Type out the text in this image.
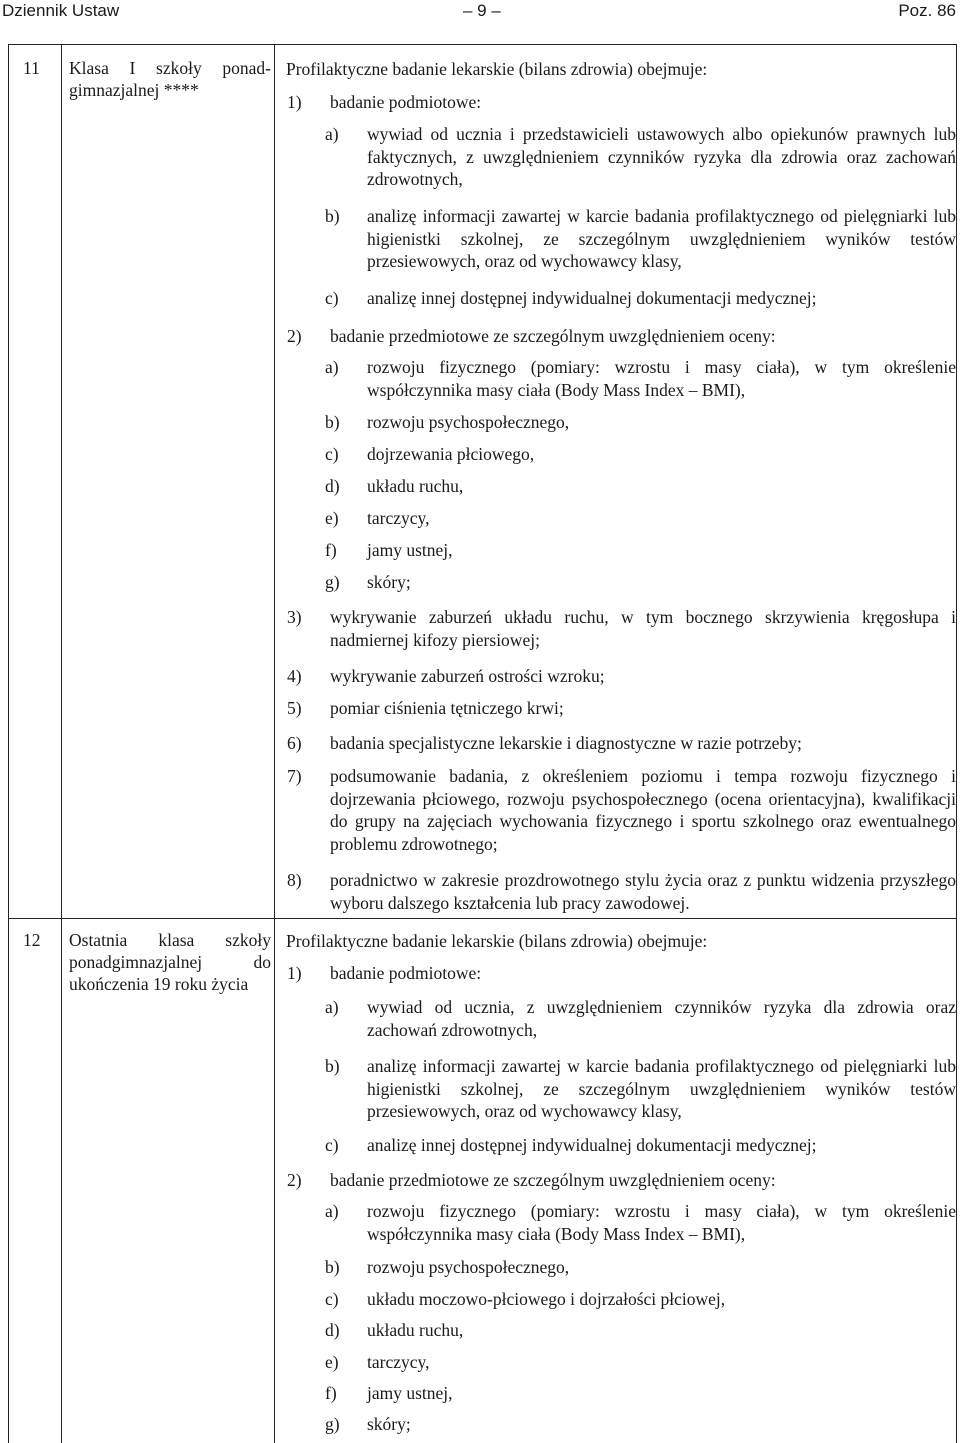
Dziennik Ustaw	– 9 –	Poz. 86
11 Klasa I szkoły ponad-
gimnazjalnej ****
Profilaktyczne badanie lekarskie (bilans zdrowia) obejmuje:
1) badanie podmiotowe:
a) wywiad od ucznia i przedstawicieli ustawowych albo opiekunów prawnych lub faktycznych, z uwzględnieniem czynników ryzyka dla zdrowia oraz zachowań zdrowotnych,
b) analizę informacji zawartej w karcie badania profilaktycznego od pielęgniarki lub higienistki szkolnej, ze szczególnym uwzględnieniem wyników testów przesiewowych, oraz od wychowawcy klasy,
c) analizę innej dostępnej indywidualnej dokumentacji medycznej;
2) badanie przedmiotowe ze szczególnym uwzględnieniem oceny:
a) rozwoju fizycznego (pomiary: wzrostu i masy ciała), w tym określenie współczynnika masy ciała (Body Mass Index – BMI),
b) rozwoju psychospołecznego,
c) dojrzewania płciowego,
d) układu ruchu,
e) tarczycy,
f) jamy ustnej,
g) skóry;
3) wykrywanie zaburzeń układu ruchu, w tym bocznego skrzywienia kręgosłupa i nadmiernej kifozy piersiowej;
4) wykrywanie zaburzeń ostrości wzroku;
5) pomiar ciśnienia tętniczego krwi;
6) badania specjalistyczne lekarskie i diagnostyczne w razie potrzeby;
7) podsumowanie badania, z określeniem poziomu i tempa rozwoju fizycznego i dojrzewania płciowego, rozwoju psychospołecznego (ocena orientacyjna), kwalifikacji do grupy na zajęciach wychowania fizycznego i sportu szkolnego oraz ewentualnego problemu zdrowotnego;
8) poradnictwo w zakresie prozdrowotnego stylu życia oraz z punktu widzenia przyszłego wyboru dalszego kształcenia lub pracy zawodowej.
12 Ostatnia klasa szkoły
ponadgimnazjalnej do
ukończenia 19 roku życia
Profilaktyczne badanie lekarskie (bilans zdrowia) obejmuje:
1) badanie podmiotowe:
a) wywiad od ucznia, z uwzględnieniem czynników ryzyka dla zdrowia oraz zachowań zdrowotnych,
b) analizę informacji zawartej w karcie badania profilaktycznego od pielęgniarki lub higienistki szkolnej, ze szczególnym uwzględnieniem wyników testów przesiewowych, oraz od wychowawcy klasy,
c) analizę innej dostępnej indywidualnej dokumentacji medycznej;
2) badanie przedmiotowe ze szczególnym uwzględnieniem oceny:
a) rozwoju fizycznego (pomiary: wzrostu i masy ciała), w tym określenie współczynnika masy ciała (Body Mass Index – BMI),
b) rozwoju psychospołecznego,
c) układu moczowo-płciowego i dojrzałości płciowej,
d) układu ruchu,
e) tarczycy,
f) jamy ustnej,
g) skóry;
